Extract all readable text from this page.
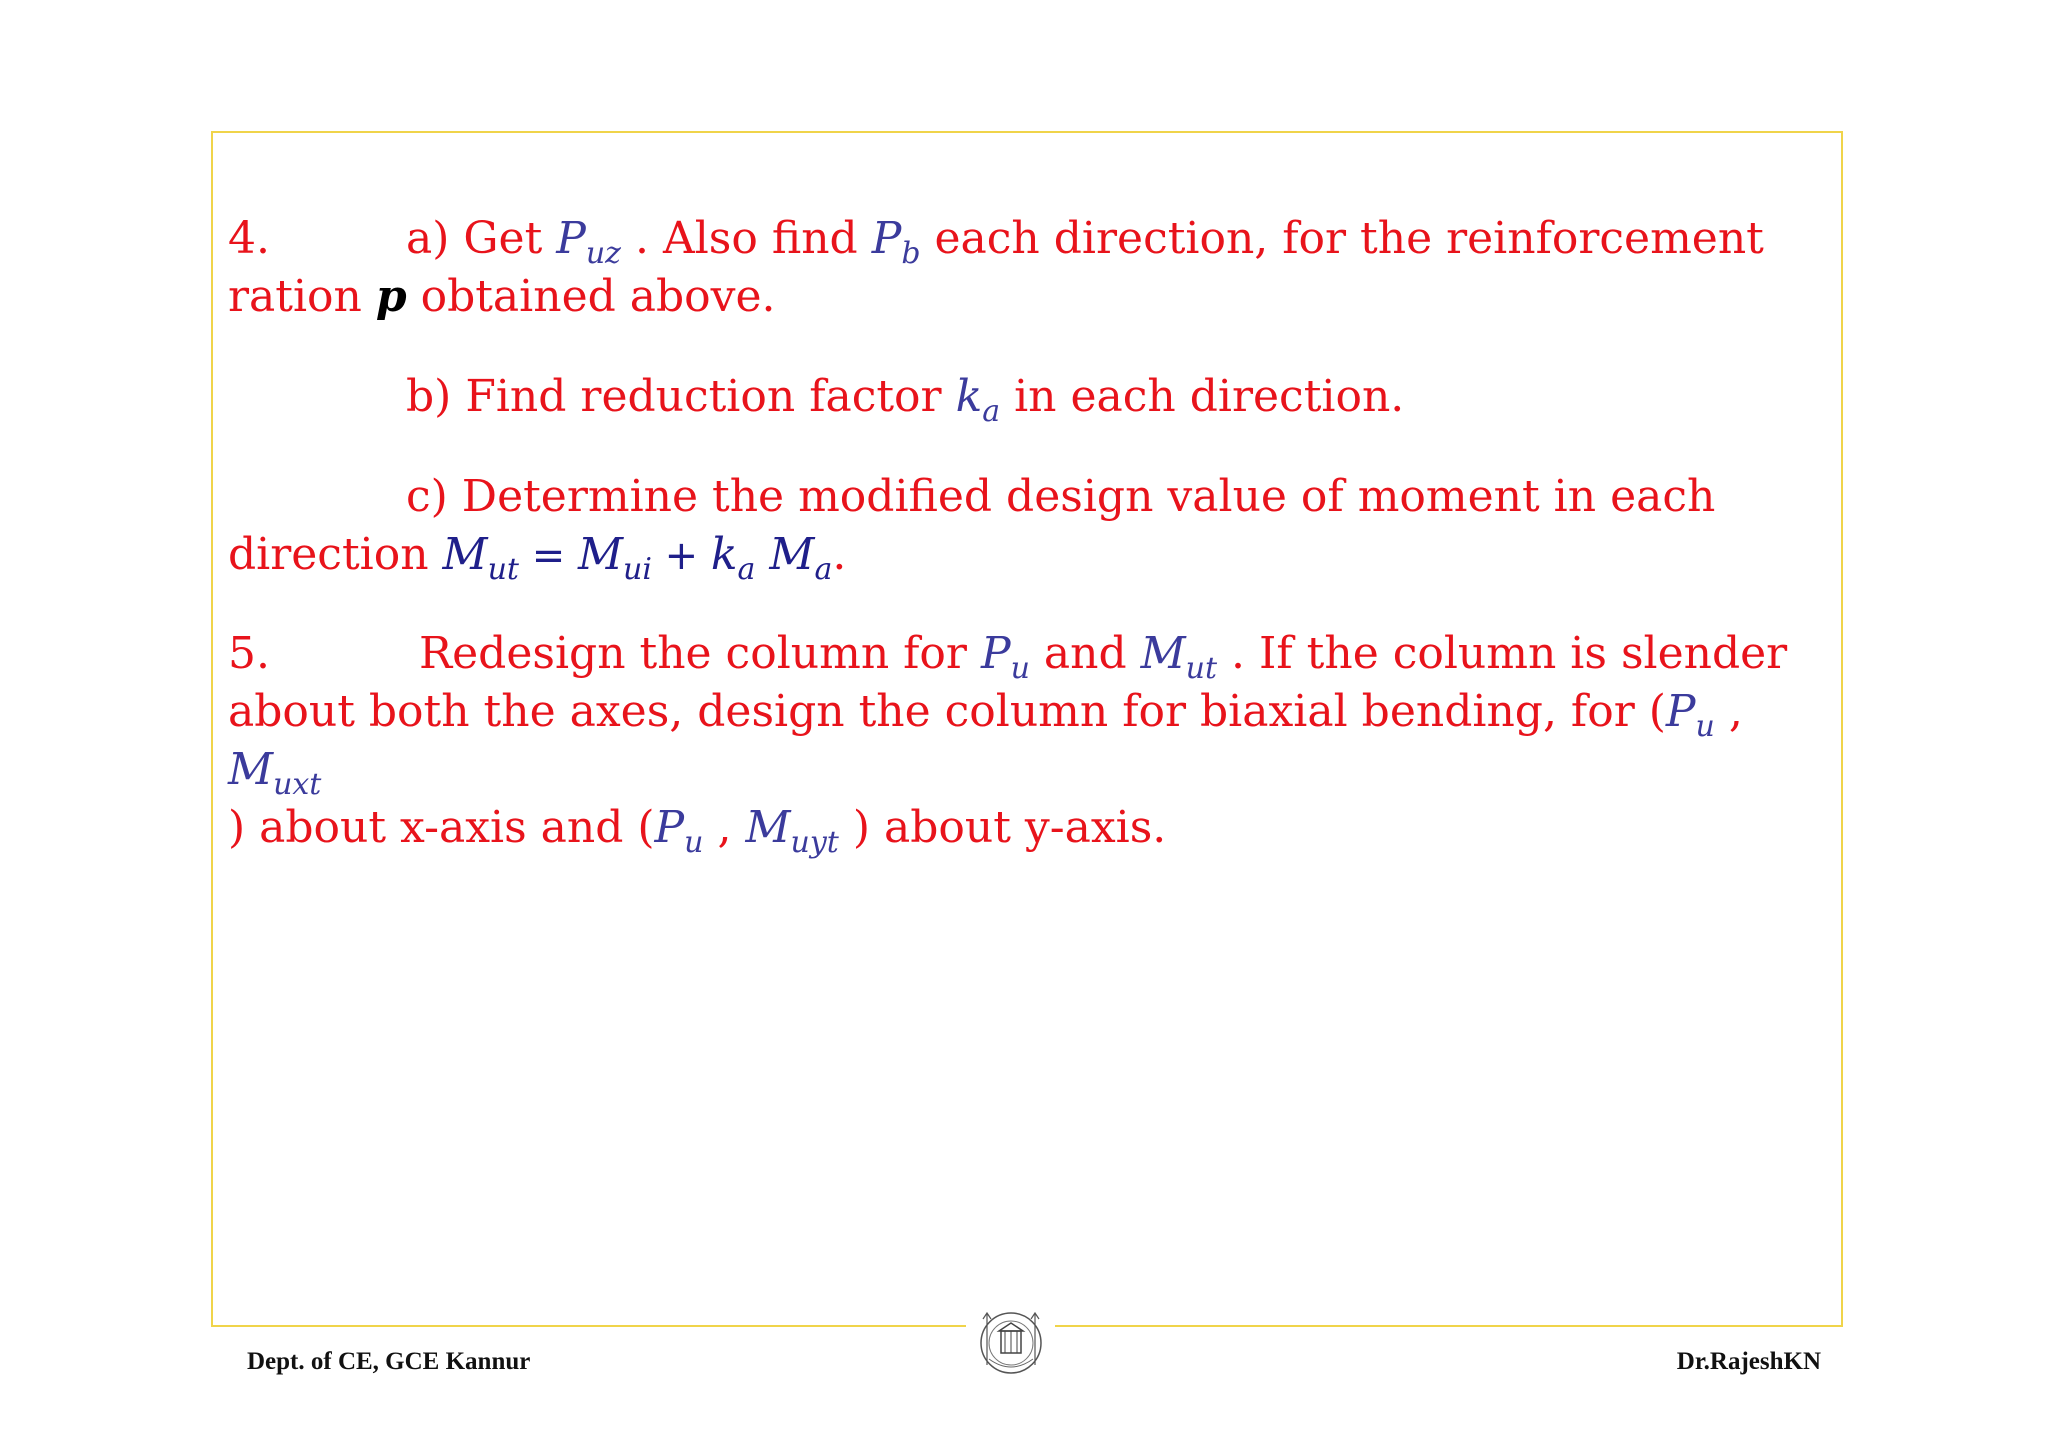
4.	a) Get $P_{uz}$ . Also find $P_b$ each direction, for the reinforcement

ration p obtained above.

b) Find reduction factor $k_a$ in each direction.

c) Determine the modified design value of moment in each

direction $M_{ut} = M_{ui} + k_a$ $M_a$.

5.	Redesign the column for $P_u$ and $M_{ut}$ . If the column is slender

about both the axes, design the column for biaxial bending, for ($P_u$ , $M_{uxt}$

) about x-axis and ($P_u$ , $M_{uyt}$ ) about y-axis.

Dept. of CE, GCE Kannur	Dr.RajeshKN
